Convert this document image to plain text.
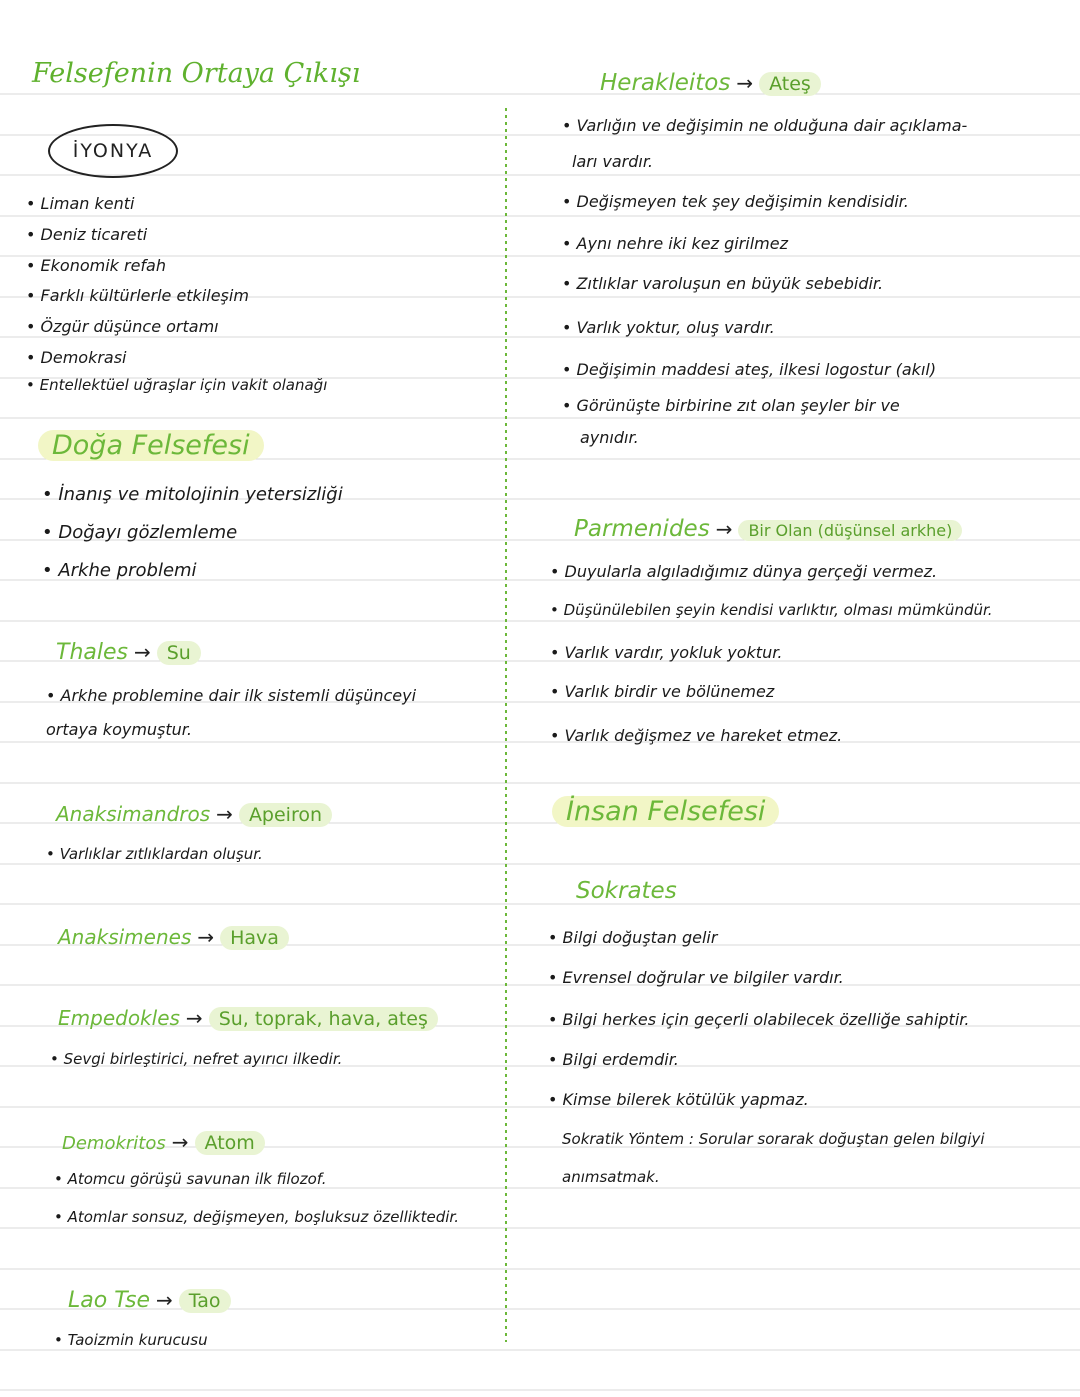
Felsefenin Ortaya Çıkışı
İYONYA
• Liman kenti
• Deniz ticareti
• Ekonomik refah
• Farklı kültürlerle etkileşim
• Özgür düşünce ortamı
• Demokrasi
• Entellektüel uğraşlar için vakit olanağı
Doğa Felsefesi
• İnanış ve mitolojinin yetersizliği
• Doğayı gözlemleme
• Arkhe problemi
Thales → Su
• Arkhe problemine dair ilk sistemli düşünceyi
ortaya koymuştur.
Anaksimandros → Apeiron
• Varlıklar zıtlıklardan oluşur.
Anaksimenes → Hava
Empedokles → Su, toprak, hava, ateş
• Sevgi birleştirici, nefret ayırıcı ilkedir.
Demokritos → Atom
• Atomcu görüşü savunan ilk filozof.
• Atomlar sonsuz, değişmeyen, boşluksuz özelliktedir.
Lao Tse → Tao
• Taoizmin kurucusu
Herakleitos → Ateş
• Varlığın ve değişimin ne olduğuna dair açıklama-
ları vardır.
• Değişmeyen tek şey değişimin kendisidir.
• Aynı nehre iki kez girilmez
• Zıtlıklar varoluşun en büyük sebebidir.
• Varlık yoktur, oluş vardır.
• Değişimin maddesi ateş, ilkesi logostur (akıl)
• Görünüşte birbirine zıt olan şeyler bir ve
aynıdır.
Parmenides → Bir Olan (düşünsel arkhe)
• Duyularla algıladığımız dünya gerçeği vermez.
• Düşünülebilen şeyin kendisi varlıktır, olması mümkündür.
• Varlık vardır, yokluk yoktur.
• Varlık birdir ve bölünemez
• Varlık değişmez ve hareket etmez.
İnsan Felsefesi
Sokrates
• Bilgi doğuştan gelir
• Evrensel doğrular ve bilgiler vardır.
• Bilgi herkes için geçerli olabilecek özelliğe sahiptir.
• Bilgi erdemdir.
• Kimse bilerek kötülük yapmaz.
Sokratik Yöntem : Sorular sorarak doğuştan gelen bilgiyi
anımsatmak.
